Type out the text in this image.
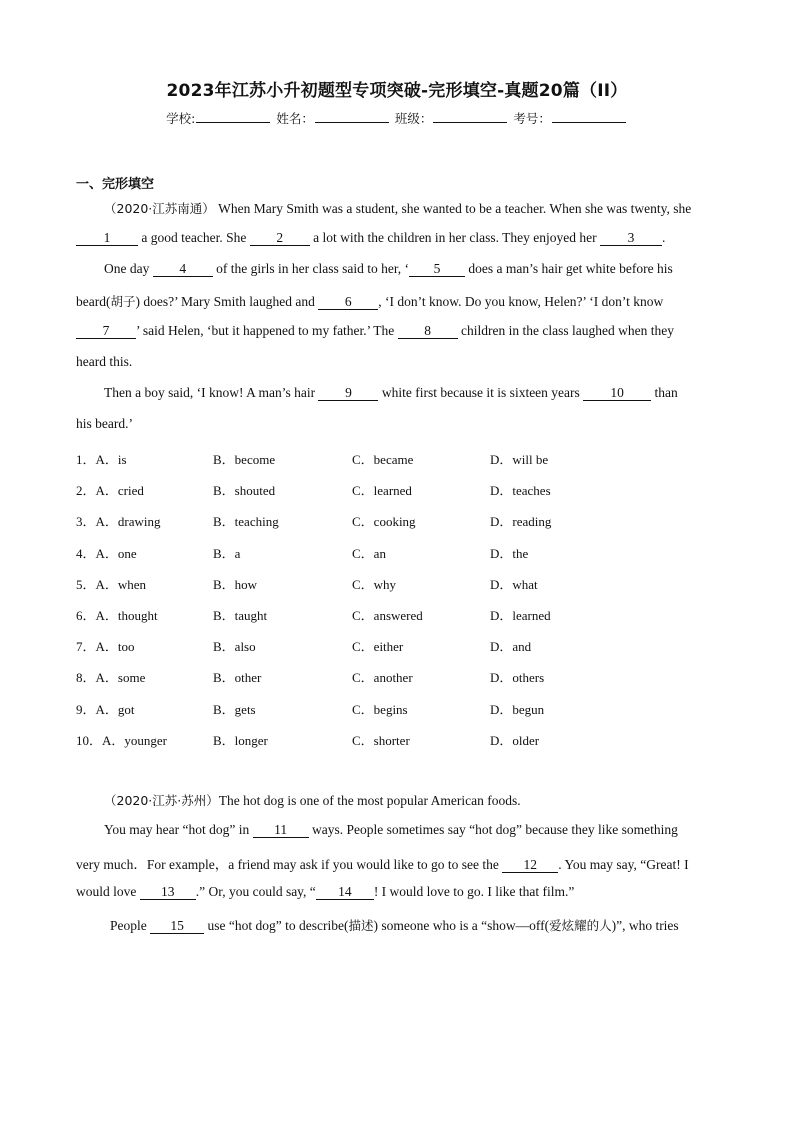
2023年江苏小升初题型专项突破-完形填空-真题20篇（II）
学校:	姓名：	班级：	考号：
一、完形填空
（2020·江苏南通） When Mary Smith was a student, she wanted to be a teacher. When she was twenty, she
1 a good teacher. She 2 a lot with the children in her class. They enjoyed her 3 .
One day 4 of the girls in her class said to her, ‘ 5 does a man’s hair get white before his
beard(胡子) does?’ Mary Smith laughed and 6 , ‘I don’t know. Do you know, Helen?’ ‘I don’t know
7 ’ said Helen, ‘but it happened to my father.’ The 8 children in the class laughed when they
heard this.
Then a boy said, ‘I know! A man’s hair 9 white first because it is sixteen years 10 than
his beard.’
1．A．is	B．become	C．became	D．will be
2．A．cried	B．shouted	C．learned	D．teaches
3．A．drawing	B．teaching	C．cooking	D．reading
4．A．one	B．a	C．an	D．the
5．A．when	B．how	C．why	D．what
6．A．thought	B．taught	C．answered	D．learned
7．A．too	B．also	C．either	D．and
8．A．some	B．other	C．another	D．others
9．A．got	B．gets	C．begins	D．begun
10．A．younger	B．longer	C．shorter	D．older
（2020·江苏·苏州）The hot dog is one of the most popular American foods.
You may hear “hot dog” in 11 ways. People sometimes say “hot dog” because they like something
very much．For example，a friend may ask if you would like to go to see the 12 . You may say, “Great! I
would love 13 .” Or, you could say, “ 14 ! I would love to go. I like that film.”
People 15 use “hot dog” to describe(描述) someone who is a “show—off(爱炫耀的人)”, who tries
